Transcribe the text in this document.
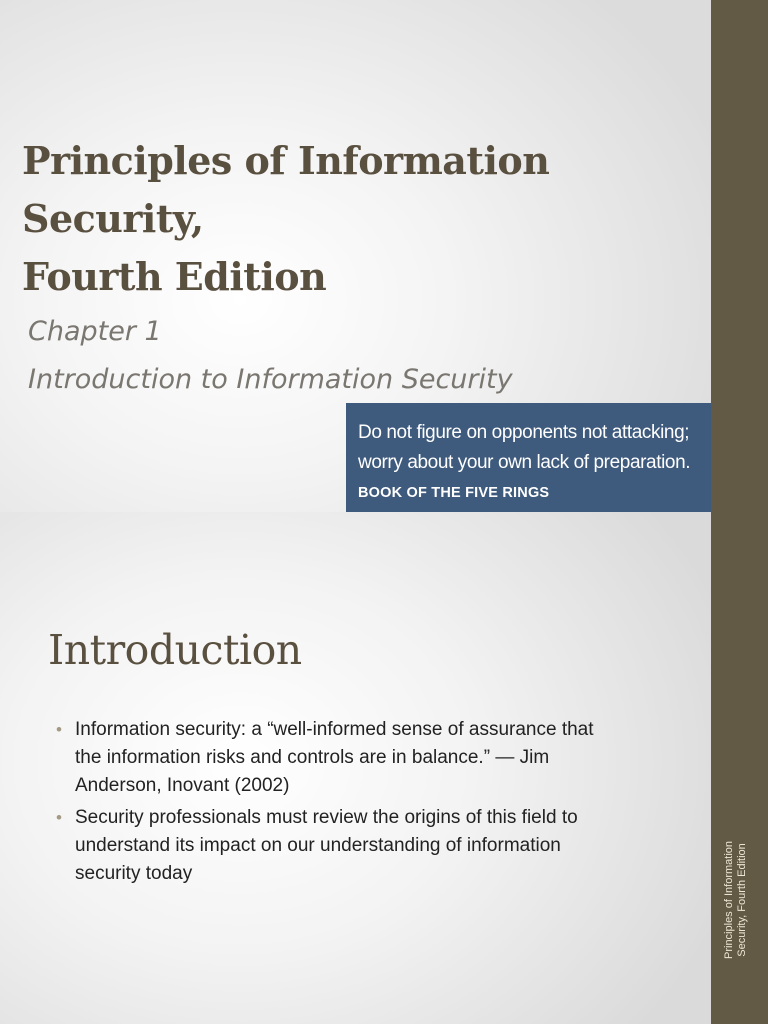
Principles of Information
Security,
Fourth Edition
Chapter 1
Introduction to Information Security
Do not figure on opponents not attacking;
worry about your own lack of preparation.
BOOK OF THE FIVE RINGS
Introduction
• Information security: a “well-informed sense of assurance that
the information risks and controls are in balance.” — Jim
Anderson, Inovant (2002)
• Security professionals must review the origins of this field to
understand its impact on our understanding of information
security today	Principles of Information Security, Fourth Edition
